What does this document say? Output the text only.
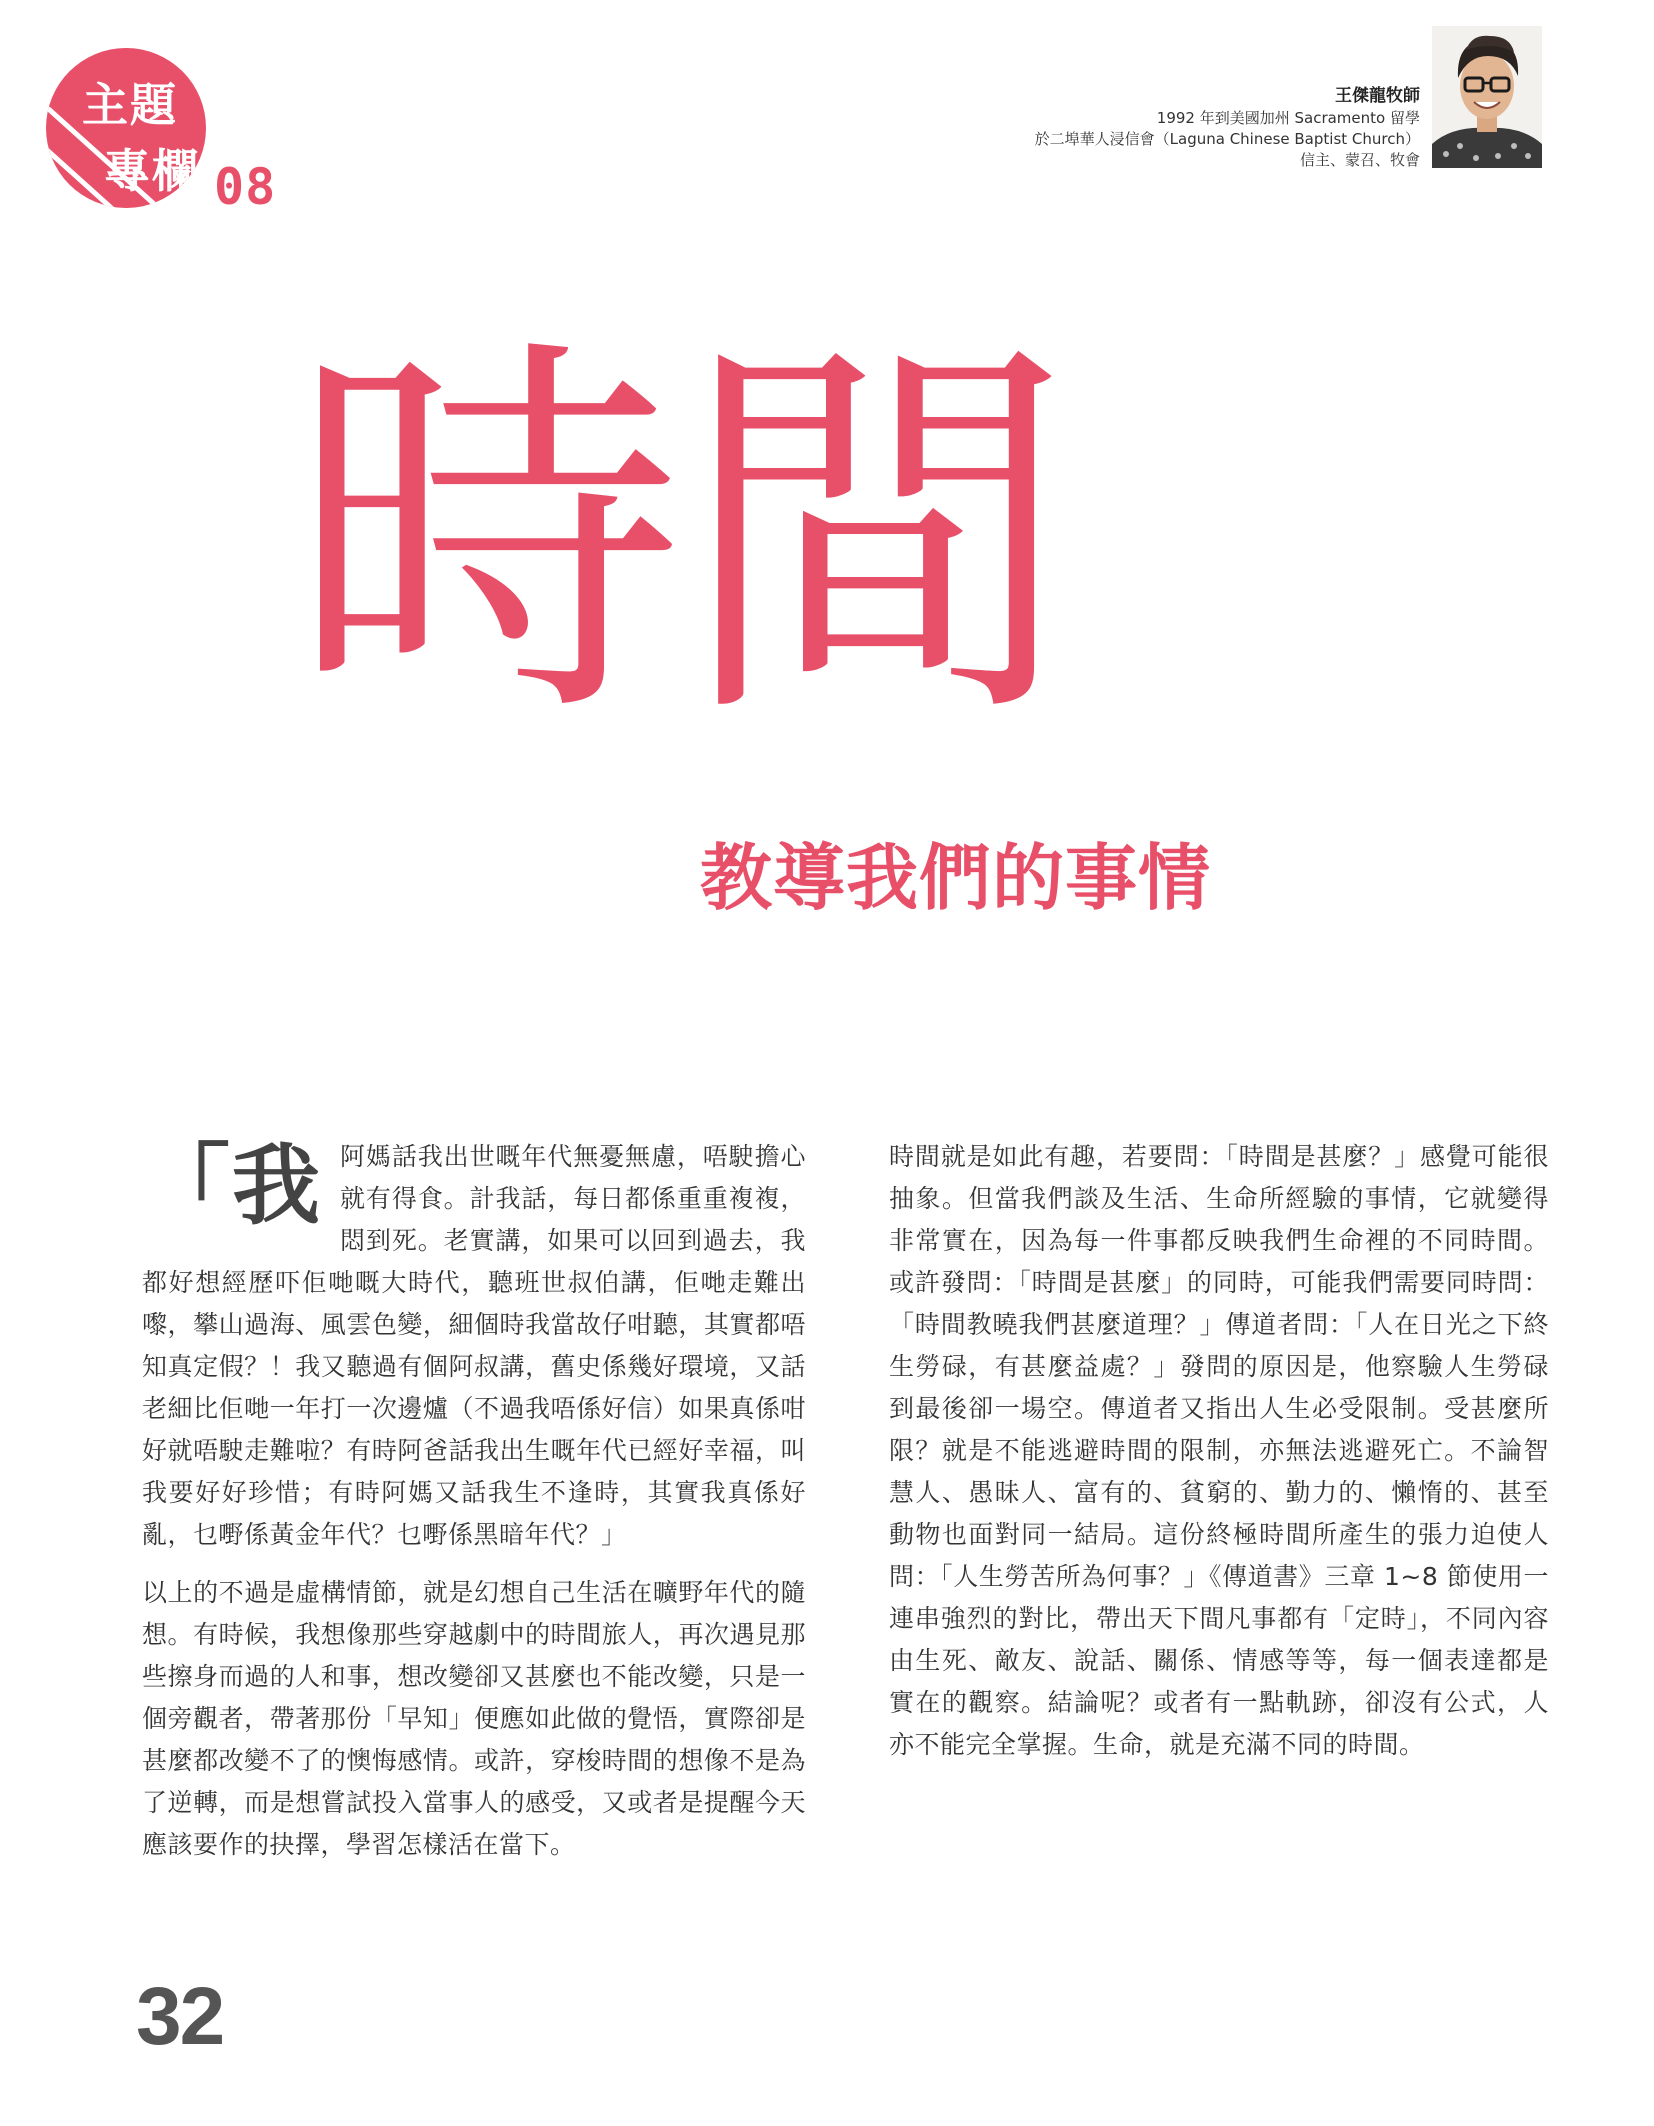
主題
專欄 08
王傑龍牧師
1992 年到美國加州 Sacramento 留學
於二埠華人浸信會（Laguna Chinese Baptist Church）
信主、蒙召、牧會
時間
教導我們的事情

「我阿媽話我出世嘅年代無憂無慮，唔駛擔心就有得食。計我話，每日都係重重複複，悶到死。老實講，如果可以回到過去，我都好想經歷吓佢哋嘅大時代，聽班世叔伯講，佢哋走難出嚟，攀山過海、風雲色變，細個時我當故仔咁聽，其實都唔知真定假？！我又聽過有個阿叔講，舊史係幾好環境，又話老細比佢哋一年打一次邊爐（不過我唔係好信）如果真係咁好就唔駛走難啦？有時阿爸話我出生嘅年代已經好幸福，叫我要好好珍惜；有時阿媽又話我生不逢時，其實我真係好亂，乜嘢係黃金年代？乜嘢係黑暗年代？」

以上的不過是虛構情節，就是幻想自己生活在曠野年代的隨想。有時候，我想像那些穿越劇中的時間旅人，再次遇見那些擦身而過的人和事，想改變卻又甚麼也不能改變，只是一個旁觀者，帶著那份「早知」便應如此做的覺悟，實際卻是甚麼都改變不了的懊悔感情。或許，穿梭時間的想像不是為了逆轉，而是想嘗試投入當事人的感受，又或者是提醒今天應該要作的抉擇，學習怎樣活在當下。

時間就是如此有趣，若要問：「時間是甚麼？」感覺可能很抽象。但當我們談及生活、生命所經驗的事情，它就變得非常實在，因為每一件事都反映我們生命裡的不同時間。或許發問：「時間是甚麼」的同時，可能我們需要同時問：「時間教曉我們甚麼道理？」傳道者問：「人在日光之下終生勞碌，有甚麼益處？」發問的原因是，他察驗人生勞碌到最後卻一場空。傳道者又指出人生必受限制。受甚麼所限？就是不能逃避時間的限制，亦無法逃避死亡。不論智慧人、愚昧人、富有的、貧窮的、勤力的、懶惰的、甚至動物也面對同一結局。這份終極時間所產生的張力迫使人問：「人生勞苦所為何事？」《傳道書》三章 1~8 節使用一連串強烈的對比，帶出天下間凡事都有「定時」，不同內容由生死、敵友、說話、關係、情感等等，每一個表達都是實在的觀察。結論呢？或者有一點軌跡，卻沒有公式，人亦不能完全掌握。生命，就是充滿不同的時間。

32
